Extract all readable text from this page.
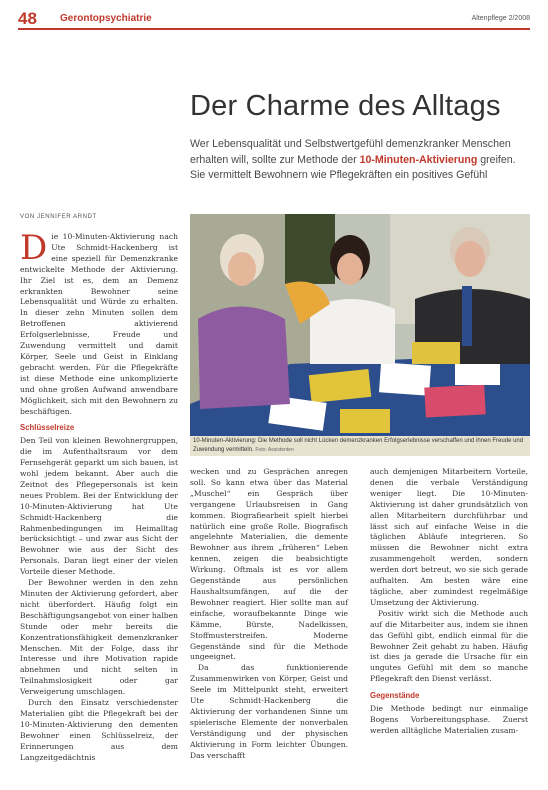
48 Gerontopsychiatrie	Altenpflege 2/2008
Der Charme des Alltags
Wer Lebensqualität und Selbstwertgefühl demenzkranker Menschen erhalten will, sollte zur Methode der 10-Minuten-Aktivierung greifen. Sie vermittelt Bewohnern wie Pflegekräften ein positives Gefühl
VON JENNIFER ARNDT
10-Minuten-Aktivierung: Die Methode soll nicht Lücken demenzkranken Erfolgserlebnisse verschaffen und ihnen Freude und Zuwendung vermitteln. Foto: Assistenten

Die 10-Minuten-Aktivierung nach Ute Schmidt-Hackenberg ist eine speziell für Demenzkranke entwickelte Methode der Aktivierung. Ihr Ziel ist es, dem an Demenz erkrankten Bewohner seine Lebensqualität und Würde zu erhalten. In dieser zehn Minuten sollen dem Betroffenen aktivierend Erfolgserlebnisse, Freude und Zuwendung vermittelt und damit Körper, Seele und Geist in Einklang gebracht werden. Für die Pflegekräfte ist diese Methode eine unkomplizierte und ohne großen Aufwand anwendbare Möglichkeit, sich mit den Bewohnern zu beschäftigen.

Schlüsselreize

Den Teil von kleinen Bewohnergruppen, die im Aufenthaltsraum vor dem Fernsehgerät geparkt um sich bauen, ist wohl jedem bekannt. Aber auch die Zeitnot des Pflegepersonals ist kein neues Problem. Bei der Entwicklung der 10-Minuten-Aktivierung hat Ute Schmidt-Hackenberg die Rahmenbedingungen im Heimalltag berücksichtigt – und zwar aus Sicht der Bewohner wie aus der Sicht des Personals. Daran liegt einer der vielen Vorteile dieser Methode.

Der Bewohner werden in den zehn Minuten der Aktivierung gefordert, aber nicht überfordert. Häufig folgt ein Beschäftigungsangebot von einer halben Stunde oder mehr bereits die Konzentrationsfähigkeit demenzkranker Menschen. Mit der Folge, dass ihr Interesse und ihre Motivation rapide abnehmen und nicht selten in Teilnahmslosigkeit oder gar Verweigerung umschlagen.

Durch den Einsatz verschiedenster Materialien gibt die Pflegekraft bei der 10-Minuten-Aktivierung den dementen Bewohner einen Schlüsselreiz, der Erinnerungen aus dem Langzeitgedächtnis

wecken und zu Gesprächen anregen soll. So kann etwa über das Material „Muschel“ ein Gespräch über vergangene Urlaubsreisen in Gang kommen. Biografiearbeit spielt hierbei natürlich eine große Rolle. Biografisch angelehnte Materialien, die demente Bewohner aus ihrem „früheren“ Leben kennen, zeigen die beabsichtigte Wirkung. Oftmals ist es vor allem Gegenstände aus persönlichen Haushaltsumfängen, auf die der Bewohner reagiert. Hier sollte man auf einfache, woraufbekannte Dinge wie Kämme, Bürste, Nadelkissen, Stoffmusterstreifen. Moderne Gegenstände sind für die Methode ungeeignet.

Da das funktionierende Zusammenwirken von Körper, Geist und Seele im Mittelpunkt steht, erweitert Ute Schmidt-Hackenberg die Aktivierung der vorhandenen Sinne um spielerische Elemente der nonverbalen Verständigung und der physischen Aktivierung in Form leichter Übungen. Das verschafft

auch demjenigen Mitarbeitern Vorteile, denen die verbale Verständigung weniger liegt. Die 10-Minuten-Aktivierung ist daher grundsätzlich von allen Mitarbeitern durchführbar und lässt sich auf einfache Weise in die täglichen Abläufe integrieren. So müssen die Bewohner nicht extra zusammengeholt werden, sondern werden dort betreut, wo sie sich gerade aufhalten. Am besten wäre eine tägliche, aber zumindest regelmäßige Umsetzung der Aktivierung.

Positiv wirkt sich die Methode auch auf die Mitarbeiter aus, indem sie ihnen das Gefühl gibt, endlich einmal für die Bewohner Zeit gehabt zu haben. Häufig ist dies ja gerade die Ursache für ein ungutes Gefühl mit dem so manche Pflegekraft den Dienst verlässt.

Gegenstände

Die Methode bedingt nur einmalige Bogens Vorbereitungsphase. Zuerst werden alltägliche Materialien zusam-
